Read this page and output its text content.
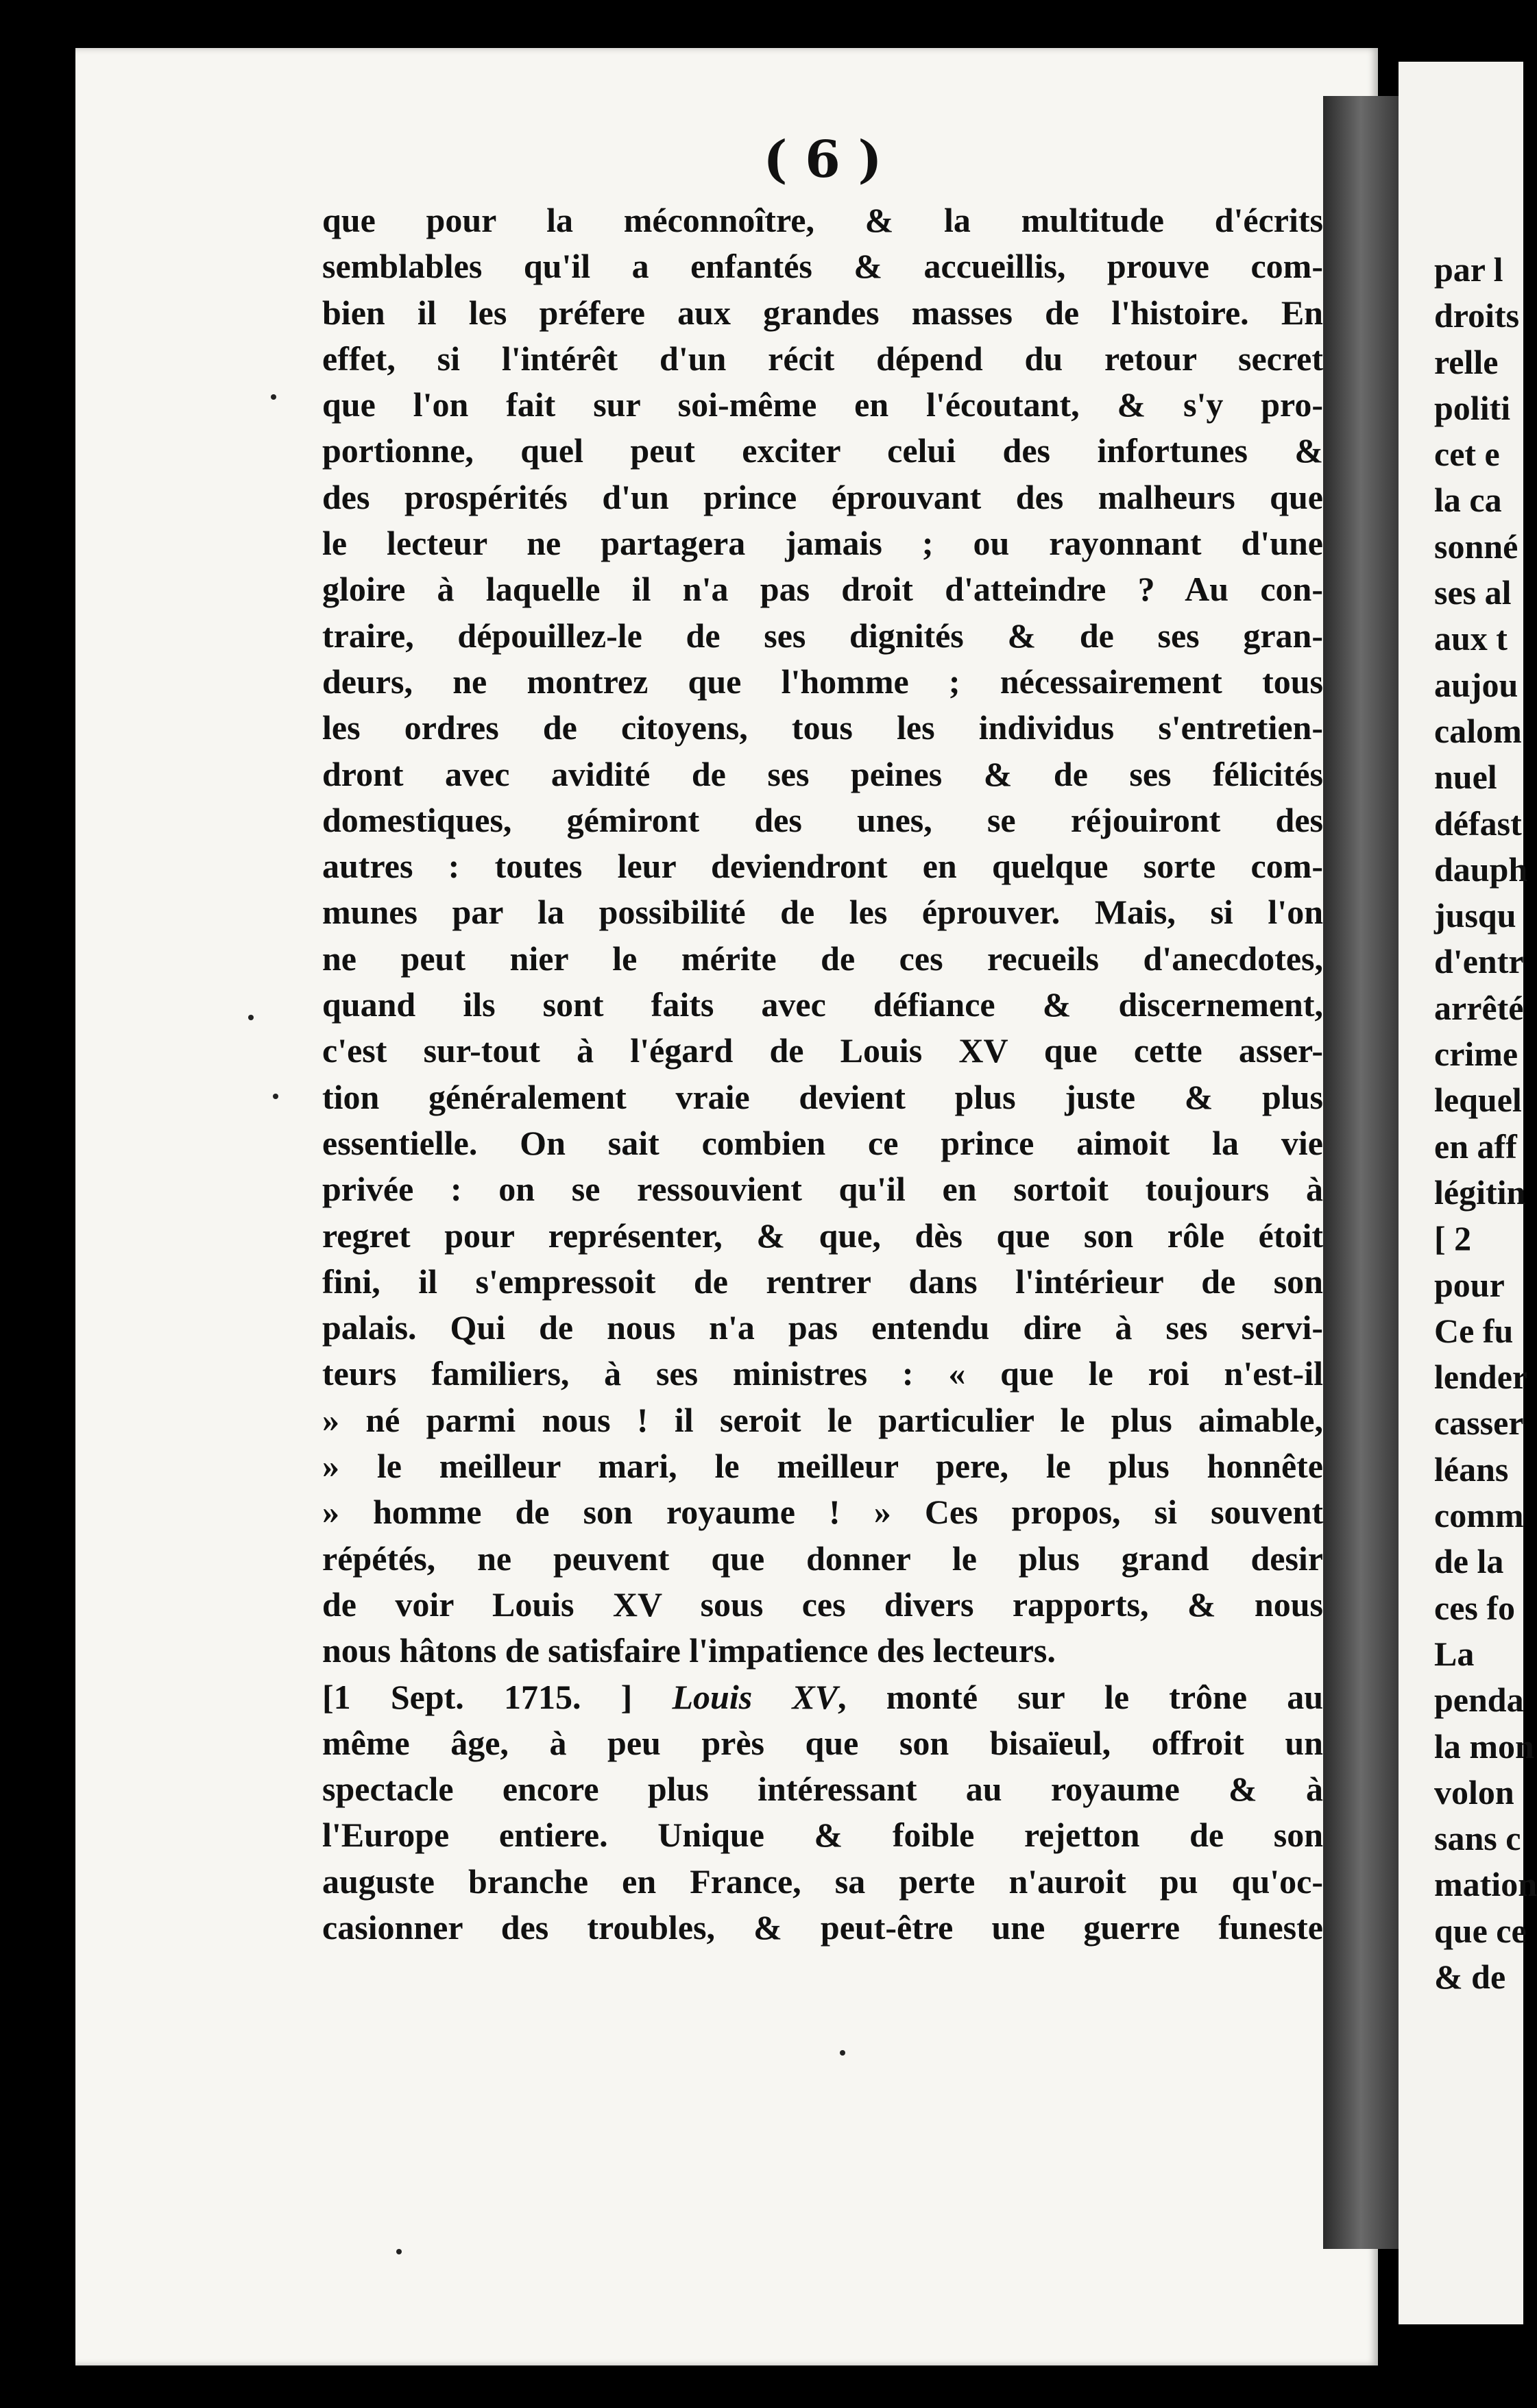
( 6 )
que pour la méconnoître, & la multitude d'écrits
semblables qu'il a enfantés & accueillis, prouve com-
bien il les préfere aux grandes masses de l'histoire. En
effet, si l'intérêt d'un récit dépend du retour secret
que l'on fait sur soi-même en l'écoutant, & s'y pro-
portionne, quel peut exciter celui des infortunes &
des prospérités d'un prince éprouvant des malheurs que
le lecteur ne partagera jamais ; ou rayonnant d'une
gloire à laquelle il n'a pas droit d'atteindre ? Au con-
traire, dépouillez-le de ses dignités & de ses gran-
deurs, ne montrez que l'homme ; nécessairement tous
les ordres de citoyens, tous les individus s'entretien-
dront avec avidité de ses peines & de ses félicités
domestiques, gémiront des unes, se réjouiront des
autres : toutes leur deviendront en quelque sorte com-
munes par la possibilité de les éprouver. Mais, si l'on
ne peut nier le mérite de ces recueils d'anecdotes,
quand ils sont faits avec défiance & discernement,
c'est sur-tout à l'égard de Louis XV que cette asser-
tion généralement vraie devient plus juste & plus
essentielle. On sait combien ce prince aimoit la vie
privée : on se ressouvient qu'il en sortoit toujours à
regret pour représenter, & que, dès que son rôle étoit
fini, il s'empressoit de rentrer dans l'intérieur de son
palais. Qui de nous n'a pas entendu dire à ses servi-
teurs familiers, à ses ministres : « que le roi n'est-il
» né parmi nous ! il seroit le particulier le plus aimable,
» le meilleur mari, le meilleur pere, le plus honnête
» homme de son royaume ! » Ces propos, si souvent
répétés, ne peuvent que donner le plus grand desir
de voir Louis XV sous ces divers rapports, & nous
nous hâtons de satisfaire l'impatience des lecteurs.
[1 Sept. 1715. ] Louis XV, monté sur le trône au
même âge, à peu près que son bisaïeul, offroit un
spectacle encore plus intéressant au royaume & à
l'Europe entiere. Unique & foible rejetton de son
auguste branche en France, sa perte n'auroit pu qu'oc-
casionner des troubles, & peut-être une guerre funeste
par l
droits
relle
politi
cet e
la ca
sonné
ses al
aux t
aujou
calom
nuel
défast
dauph
jusqu
d'entr
arrêté
crime
lequel
en aff
légitin
[ 2
pour
Ce fu
lender
casser
léans
comm
de la
ces fo
La
penda
la mon
volon
sans c
mation
que ce
& de
